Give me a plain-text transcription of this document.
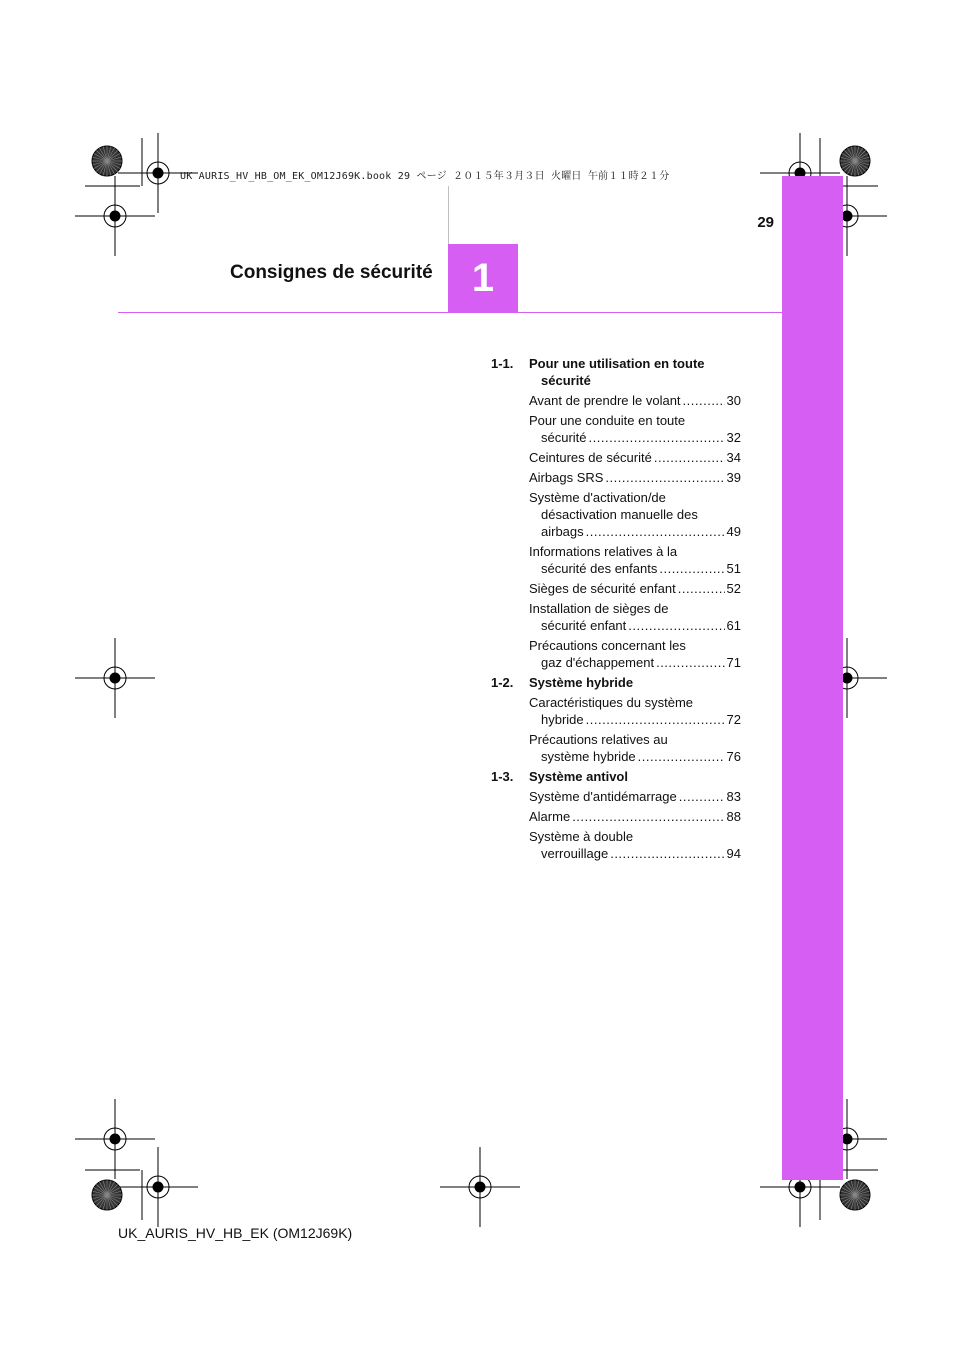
UK AURIS_HV_HB_OM_EK_OM12J69K.book 29 ページ ２０１５年３月３日 火曜日 午前１１時２１分
29
Consignes de sécurité 1
1-1.	Pour une utilisation en toute sécurité
Avant de prendre le volant .....	30
Pour une conduite en toute
sécurité .....	32
Ceintures de sécurité .....	34
Airbags SRS .....	39
Système d'activation/de
désactivation manuelle des
airbags .....	49
Informations relatives à la
sécurité des enfants .....	51
Sièges de sécurité enfant .....	52
Installation de sièges de
sécurité enfant .....	61
Précautions concernant les
gaz d'échappement .....	71
1-2.	Système hybride
Caractéristiques du système
hybride .....	72
Précautions relatives au
système hybride .....	76
1-3.	Système antivol
Système d'antidémarrage .....	83
Alarme .....	88
Système à double
verrouillage .....	94
UK_AURIS_HV_HB_EK (OM12J69K)
